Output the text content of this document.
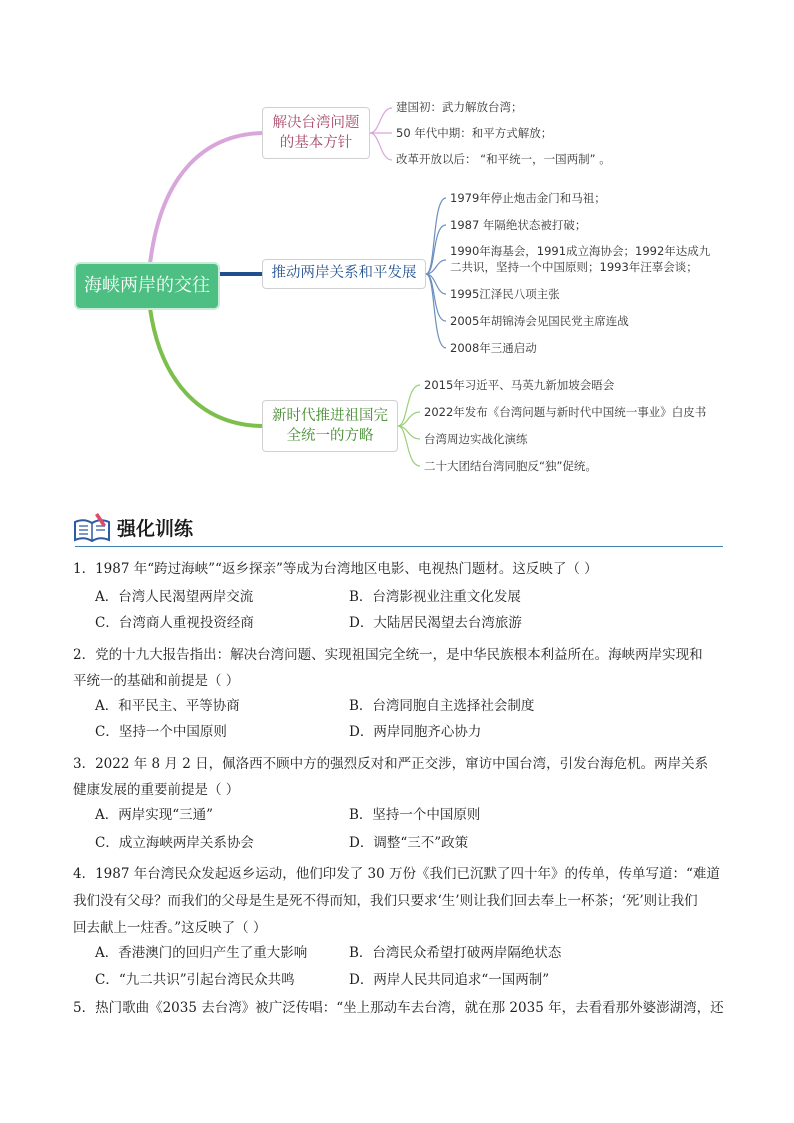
海峡两岸的交往
解决台湾问题
的基本方针
推动两岸关系和平发展
新时代推进祖国完
全统一的方略
建国初：武力解放台湾；
50 年代中期：和平方式解放；
改革开放以后： “和平统一，一国两制” 。
1979年停止炮击金门和马祖；
1987 年隔绝状态被打破；
1990年海基会，1991成立海协会；1992年达成九
二共识，坚持一个中国原则；1993年汪辜会谈；
1995江泽民八项主张
2005年胡锦涛会见国民党主席连战
2008年三通启动
2015年习近平、马英九新加坡会晤会
2022年发布《台湾问题与新时代中国统一事业》白皮书
台湾周边实战化演练
二十大团结台湾同胞反“独”促统。
强化训练
1．1987 年“跨过海峡”“返乡探亲”等成为台湾地区电影、电视热门题材。这反映了（ ）
A．台湾人民渴望两岸交流	B．台湾影视业注重文化发展
C．台湾商人重视投资经商	D．大陆居民渴望去台湾旅游
2．党的十九大报告指出：解决台湾问题、实现祖国完全统一，是中华民族根本利益所在。海峡两岸实现和
平统一的基础和前提是（ ）
A．和平民主、平等协商	B．台湾同胞自主选择社会制度
C．坚持一个中国原则	D．两岸同胞齐心协力
3．2022 年 8 月 2 日，佩洛西不顾中方的强烈反对和严正交涉，窜访中国台湾，引发台海危机。两岸关系
健康发展的重要前提是（ ）
A．两岸实现“三通”	B．坚持一个中国原则
C．成立海峡两岸关系协会	D．调整“三不”政策
4．1987 年台湾民众发起返乡运动，他们印发了 30 万份《我们已沉默了四十年》的传单，传单写道：“难道
我们没有父母？而我们的父母是生是死不得而知，我们只要求‘生’则让我们回去奉上一杯茶；‘死’则让我们
回去献上一炷香。”这反映了（ ）
A．香港澳门的回归产生了重大影响	B．台湾民众希望打破两岸隔绝状态
C．“九二共识”引起台湾民众共鸣	D．两岸人民共同追求“一国两制”
5．热门歌曲《2035 去台湾》被广泛传唱：“坐上那动车去台湾，就在那 2035 年，去看看那外婆澎湖湾，还
